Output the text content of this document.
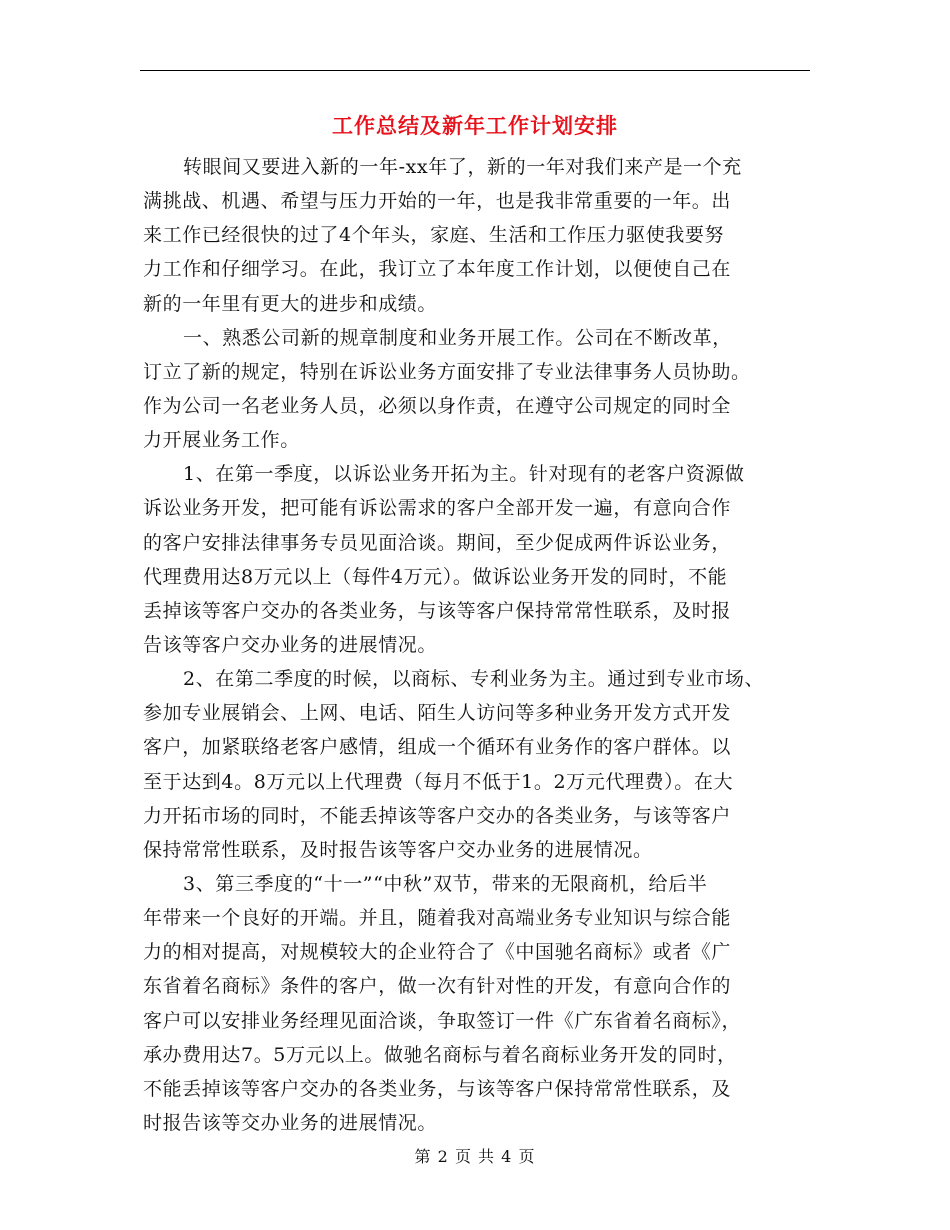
工作总结及新年工作计划安排
转眼间又要进入新的一年-xx年了，新的一年对我们来产是一个充
满挑战、机遇、希望与压力开始的一年，也是我非常重要的一年。出
来工作已经很快的过了4个年头，家庭、生活和工作压力驱使我要努
力工作和仔细学习。在此，我订立了本年度工作计划，以便使自己在
新的一年里有更大的进步和成绩。
一、熟悉公司新的规章制度和业务开展工作。公司在不断改革，
订立了新的规定，特别在诉讼业务方面安排了专业法律事务人员协助。
作为公司一名老业务人员，必须以身作责，在遵守公司规定的同时全
力开展业务工作。
1、在第一季度，以诉讼业务开拓为主。针对现有的老客户资源做
诉讼业务开发，把可能有诉讼需求的客户全部开发一遍，有意向合作
的客户安排法律事务专员见面洽谈。期间，至少促成两件诉讼业务，
代理费用达8万元以上（每件4万元）。做诉讼业务开发的同时，不能
丢掉该等客户交办的各类业务，与该等客户保持常常性联系，及时报
告该等客户交办业务的进展情况。
2、在第二季度的时候，以商标、专利业务为主。通过到专业市场、
参加专业展销会、上网、电话、陌生人访问等多种业务开发方式开发
客户，加紧联络老客户感情，组成一个循环有业务作的客户群体。以
至于达到4。8万元以上代理费（每月不低于1。2万元代理费）。在大
力开拓市场的同时，不能丢掉该等客户交办的各类业务，与该等客户
保持常常性联系，及时报告该等客户交办业务的进展情况。
3、第三季度的“十一”“中秋”双节，带来的无限商机，给后半
年带来一个良好的开端。并且，随着我对高端业务专业知识与综合能
力的相对提高，对规模较大的企业符合了《中国驰名商标》或者《广
东省着名商标》条件的客户，做一次有针对性的开发，有意向合作的
客户可以安排业务经理见面洽谈，争取签订一件《广东省着名商标》，
承办费用达7。5万元以上。做驰名商标与着名商标业务开发的同时，
不能丢掉该等客户交办的各类业务，与该等客户保持常常性联系，及
时报告该等交办业务的进展情况。
第 2 页 共 4 页
